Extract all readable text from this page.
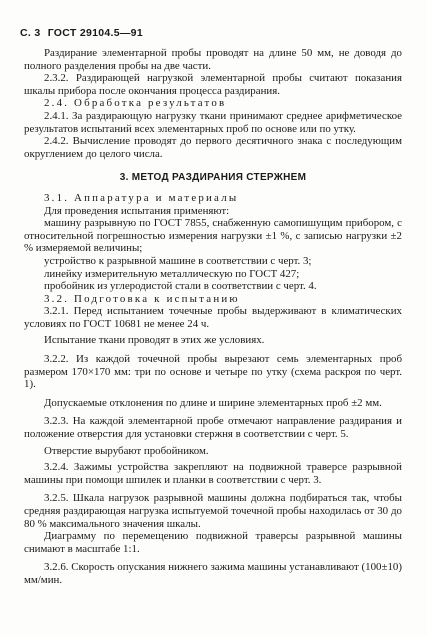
С. 3 ГОСТ 29104.5—91

Раздирание элементарной пробы проводят на длине 50 мм, не доводя до полного разделения пробы на две части.

2.3.2. Раздирающей нагрузкой элементарной пробы считают показания шкалы прибора после окончания процесса раздирания.

2.4. Обработка результатов

2.4.1. За раздирающую нагрузку ткани принимают среднее арифметическое результатов испытаний всех элементарных проб по основе или по утку.

2.4.2. Вычисление проводят до первого десятичного знака с последующим округлением до целого числа.

3. МЕТОД РАЗДИРАНИЯ СТЕРЖНЕМ

3.1. Аппаратура и материалы

Для проведения испытания применяют:

машину разрывную по ГОСТ 7855, снабженную самопишущим прибором, с относительной погрешностью измерения нагрузки ±1 %, с записью нагрузки ±2 % измеряемой величины;

устройство к разрывной машине в соответствии с черт. 3;

линейку измерительную металлическую по ГОСТ 427;

пробойник из углеродистой стали в соответствии с черт. 4.

3.2. Подготовка к испытанию

3.2.1. Перед испытанием точечные пробы выдерживают в климатических условиях по ГОСТ 10681 не менее 24 ч.

Испытание ткани проводят в этих же условиях.

3.2.2. Из каждой точечной пробы вырезают семь элементарных проб размером 170×170 мм: три по основе и четыре по утку (схема раскроя по черт. 1).

Допускаемые отклонения по длине и ширине элементарных проб ±2 мм.

3.2.3. На каждой элементарной пробе отмечают направление раздирания и положение отверстия для установки стержня в соответствии с черт. 5.

Отверстие вырубают пробойником.

3.2.4. Зажимы устройства закрепляют на подвижной траверсе разрывной машины при помощи шпилек и планки в соответствии с черт. 3.

3.2.5. Шкала нагрузок разрывной машины должна подбираться так, чтобы средняя раздирающая нагрузка испытуемой точечной пробы находилась от 30 до 80 % максимального значения шкалы.

Диаграмму по перемещению подвижной траверсы разрывной машины снимают в масштабе 1:1.

3.2.6. Скорость опускания нижнего зажима машины устанавливают (100±10) мм/мин.
